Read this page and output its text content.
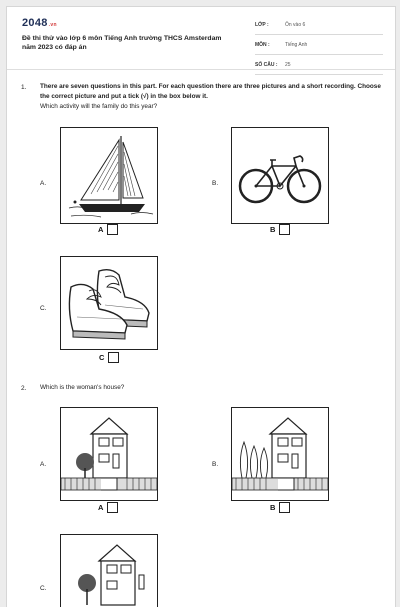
2048.vn
Đề thi thử vào lớp 6 môn Tiếng Anh trường THCS Amsterdam năm 2023 có đáp án
LỚP :	Ôn vào 6
MÔN :	Tiếng Anh
SỐ CÂU : 25
1. There are seven questions in this part. For each question there are three pictures and a short recording. Choose the correct picture and put a tick (√) in the box below it.
Which activity will the family do this year?
A.
A
B.
B
C.
C
2. Which is the woman's house?
A.
A
B.
B
C.
